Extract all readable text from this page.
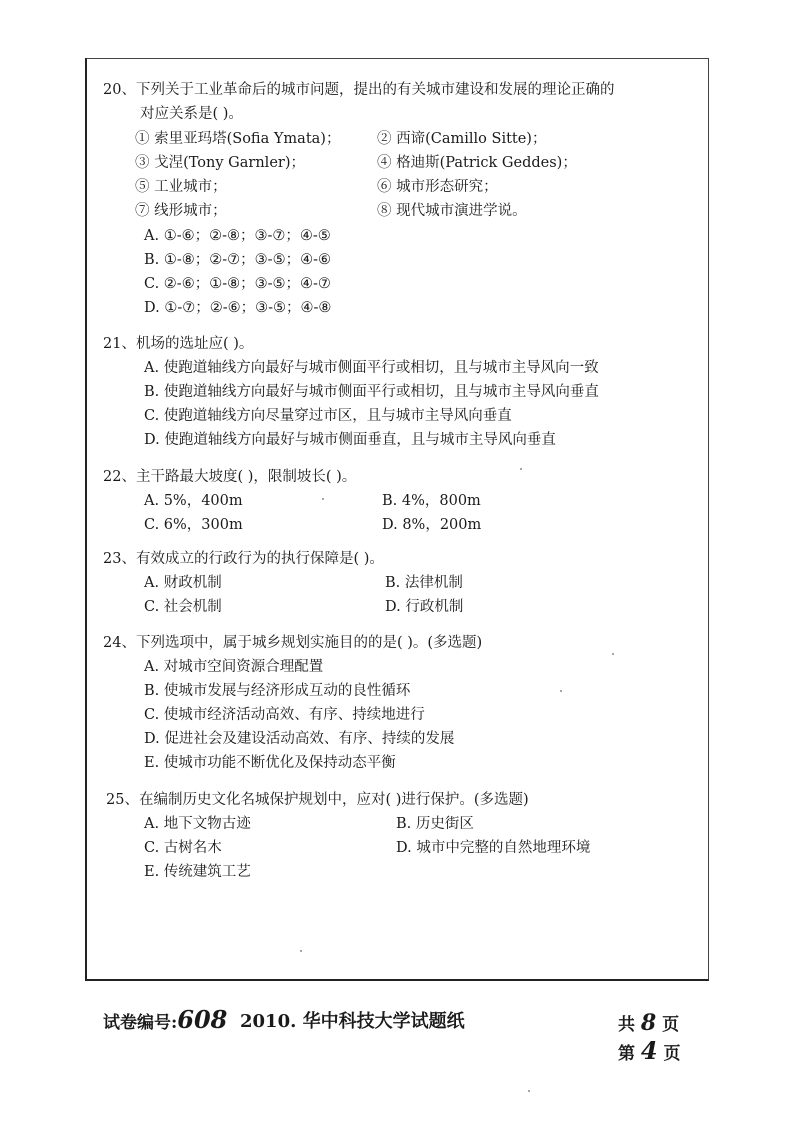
20、下列关于工业革命后的城市问题，提出的有关城市建设和发展的理论正确的
对应关系是( )。
① 索里亚玛塔(Sofia Ymata)；	② 西谛(Camillo Sitte)；
③ 戈涅(Tony Garnler)；	④ 格迪斯(Patrick Geddes)；
⑤ 工业城市；	⑥ 城市形态研究；
⑦ 线形城市；	⑧ 现代城市演进学说。
A. ①-⑥；②-⑧；③-⑦；④-⑤
B. ①-⑧；②-⑦；③-⑤；④-⑥
C. ②-⑥；①-⑧；③-⑤；④-⑦
D. ①-⑦；②-⑥；③-⑤；④-⑧
21、机场的选址应( )。
A. 使跑道轴线方向最好与城市侧面平行或相切，且与城市主导风向一致
B. 使跑道轴线方向最好与城市侧面平行或相切，且与城市主导风向垂直
C. 使跑道轴线方向尽量穿过市区，且与城市主导风向垂直
D. 使跑道轴线方向最好与城市侧面垂直，且与城市主导风向垂直
22、主干路最大坡度( )，限制坡长( )。
A. 5%，400m	B. 4%，800m
C. 6%，300m	D. 8%，200m
23、有效成立的行政行为的执行保障是( )。
A. 财政机制	B. 法律机制
C. 社会机制	D. 行政机制
24、下列选项中，属于城乡规划实施目的的是( )。(多选题)
A. 对城市空间资源合理配置
B. 使城市发展与经济形成互动的良性循环
C. 使城市经济活动高效、有序、持续地进行
D. 促进社会及建设活动高效、有序、持续的发展
E. 使城市功能不断优化及保持动态平衡
25、在编制历史文化名城保护规划中，应对( )进行保护。(多选题)
A. 地下文物古迹	B. 历史街区
C. 古树名木	D. 城市中完整的自然地理环境
E. 传统建筑工艺
试卷编号:608 2010. 华中科技大学试题纸	共 8 页
第 4 页
